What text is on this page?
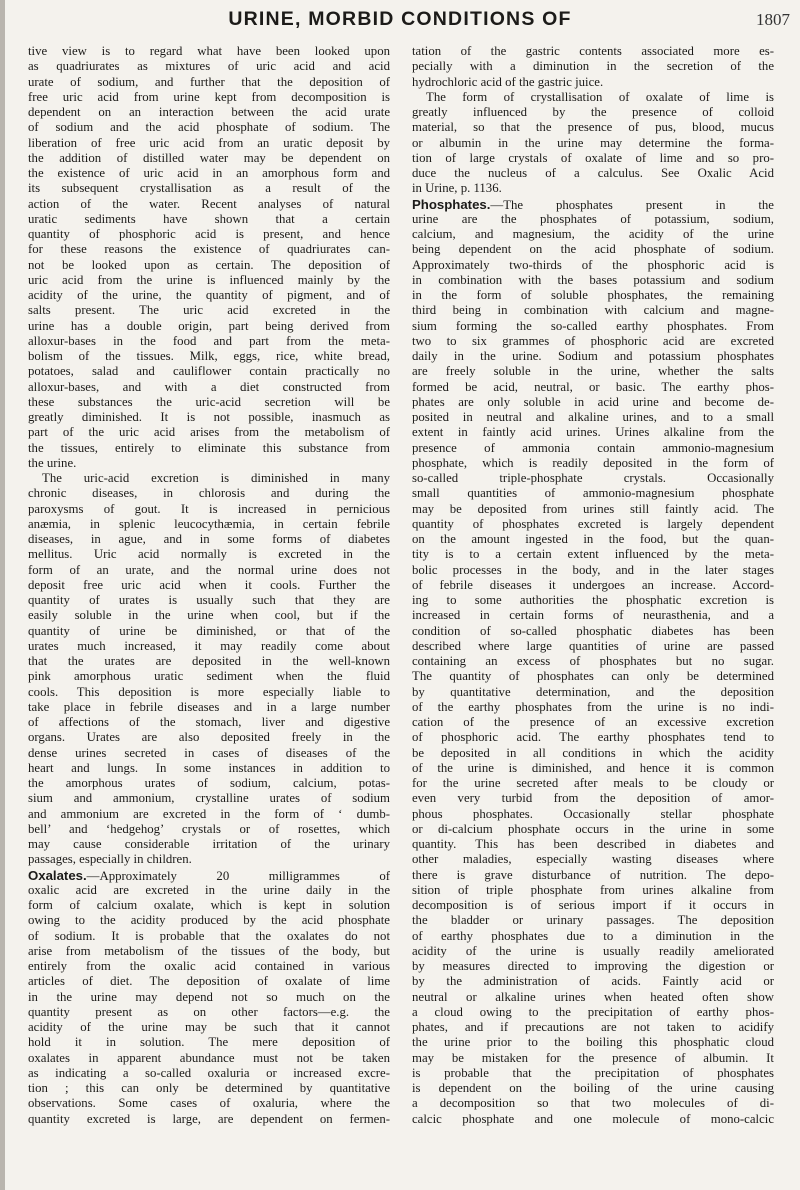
URINE, MORBID CONDITIONS OF	1807
tive view is to regard what have been looked upon
as quadriurates as mixtures of uric acid and acid
urate of sodium, and further that the deposition of
free uric acid from urine kept from decomposition is
dependent on an interaction between the acid urate
of sodium and the acid phosphate of sodium. The
liberation of free uric acid from an uratic deposit by
the addition of distilled water may be dependent on
the existence of uric acid in an amorphous form and
its subsequent crystallisation as a result of the
action of the water. Recent analyses of natural
uratic sediments have shown that a certain
quantity of phosphoric acid is present, and hence
for these reasons the existence of quadriurates can-
not be looked upon as certain. The deposition of
uric acid from the urine is influenced mainly by the
acidity of the urine, the quantity of pigment, and of
salts present. The uric acid excreted in the
urine has a double origin, part being derived from
alloxur-bases in the food and part from the meta-
bolism of the tissues. Milk, eggs, rice, white bread,
potatoes, salad and cauliflower contain practically no
alloxur-bases, and with a diet constructed from
these substances the uric-acid secretion will be
greatly diminished. It is not possible, inasmuch as
part of the uric acid arises from the metabolism of
the tissues, entirely to eliminate this substance from
the urine.
The uric-acid excretion is diminished in many
chronic diseases, in chlorosis and during the
paroxysms of gout. It is increased in pernicious
anæmia, in splenic leucocythæmia, in certain febrile
diseases, in ague, and in some forms of diabetes
mellitus. Uric acid normally is excreted in the
form of an urate, and the normal urine does not
deposit free uric acid when it cools. Further the
quantity of urates is usually such that they are
easily soluble in the urine when cool, but if the
quantity of urine be diminished, or that of the
urates much increased, it may readily come about
that the urates are deposited in the well-known
pink amorphous uratic sediment when the fluid
cools. This deposition is more especially liable to
take place in febrile diseases and in a large number
of affections of the stomach, liver and digestive
organs. Urates are also deposited freely in the
dense urines secreted in cases of diseases of the
heart and lungs. In some instances in addition to
the amorphous urates of sodium, calcium, potas-
sium and ammonium, crystalline urates of sodium
and ammonium are excreted in the form of ‘ dumb-
bell’ and ‘hedgehog’ crystals or of rosettes, which
may cause considerable irritation of the urinary
passages, especially in children.
Oxalates.—Approximately 20 milligrammes of
oxalic acid are excreted in the urine daily in the
form of calcium oxalate, which is kept in solution
owing to the acidity produced by the acid phosphate
of sodium. It is probable that the oxalates do not
arise from metabolism of the tissues of the body, but
entirely from the oxalic acid contained in various
articles of diet. The deposition of oxalate of lime
in the urine may depend not so much on the
quantity present as on other factors—e.g. the
acidity of the urine may be such that it cannot
hold it in solution. The mere deposition of
oxalates in apparent abundance must not be taken
as indicating a so-called oxaluria or increased excre-
tion ; this can only be determined by quantitative
observations. Some cases of oxaluria, where the
quantity excreted is large, are dependent on fermen-
tation of the gastric contents associated more es-
pecially with a diminution in the secretion of the
hydrochloric acid of the gastric juice.
The form of crystallisation of oxalate of lime is
greatly influenced by the presence of colloid
material, so that the presence of pus, blood, mucus
or albumin in the urine may determine the forma-
tion of large crystals of oxalate of lime and so pro-
duce the nucleus of a calculus. See Oxalic Acid
in Urine, p. 1136.
Phosphates.—The phosphates present in the
urine are the phosphates of potassium, sodium,
calcium, and magnesium, the acidity of the urine
being dependent on the acid phosphate of sodium.
Approximately two-thirds of the phosphoric acid is
in combination with the bases potassium and sodium
in the form of soluble phosphates, the remaining
third being in combination with calcium and magne-
sium forming the so-called earthy phosphates. From
two to six grammes of phosphoric acid are excreted
daily in the urine. Sodium and potassium phosphates
are freely soluble in the urine, whether the salts
formed be acid, neutral, or basic. The earthy phos-
phates are only soluble in acid urine and become de-
posited in neutral and alkaline urines, and to a small
extent in faintly acid urines. Urines alkaline from the
presence of ammonia contain ammonio-magnesium
phosphate, which is readily deposited in the form of
so-called triple-phosphate crystals. Occasionally
small quantities of ammonio-magnesium phosphate
may be deposited from urines still faintly acid. The
quantity of phosphates excreted is largely dependent
on the amount ingested in the food, but the quan-
tity is to a certain extent influenced by the meta-
bolic processes in the body, and in the later stages
of febrile diseases it undergoes an increase. Accord-
ing to some authorities the phosphatic excretion is
increased in certain forms of neurasthenia, and a
condition of so-called phosphatic diabetes has been
described where large quantities of urine are passed
containing an excess of phosphates but no sugar.
The quantity of phosphates can only be determined
by quantitative determination, and the deposition
of the earthy phosphates from the urine is no indi-
cation of the presence of an excessive excretion
of phosphoric acid. The earthy phosphates tend to
be deposited in all conditions in which the acidity
of the urine is diminished, and hence it is common
for the urine secreted after meals to be cloudy or
even very turbid from the deposition of amor-
phous phosphates. Occasionally stellar phosphate
or di-calcium phosphate occurs in the urine in some
quantity. This has been described in diabetes and
other maladies, especially wasting diseases where
there is grave disturbance of nutrition. The depo-
sition of triple phosphate from urines alkaline from
decomposition is of serious import if it occurs in
the bladder or urinary passages. The deposition
of earthy phosphates due to a diminution in the
acidity of the urine is usually readily ameliorated
by measures directed to improving the digestion or
by the administration of acids. Faintly acid or
neutral or alkaline urines when heated often show
a cloud owing to the precipitation of earthy phos-
phates, and if precautions are not taken to acidify
the urine prior to the boiling this phosphatic cloud
may be mistaken for the presence of albumin. It
is probable that the precipitation of phosphates
is dependent on the boiling of the urine causing
a decomposition so that two molecules of di-
calcic phosphate and one molecule of mono-calcic
